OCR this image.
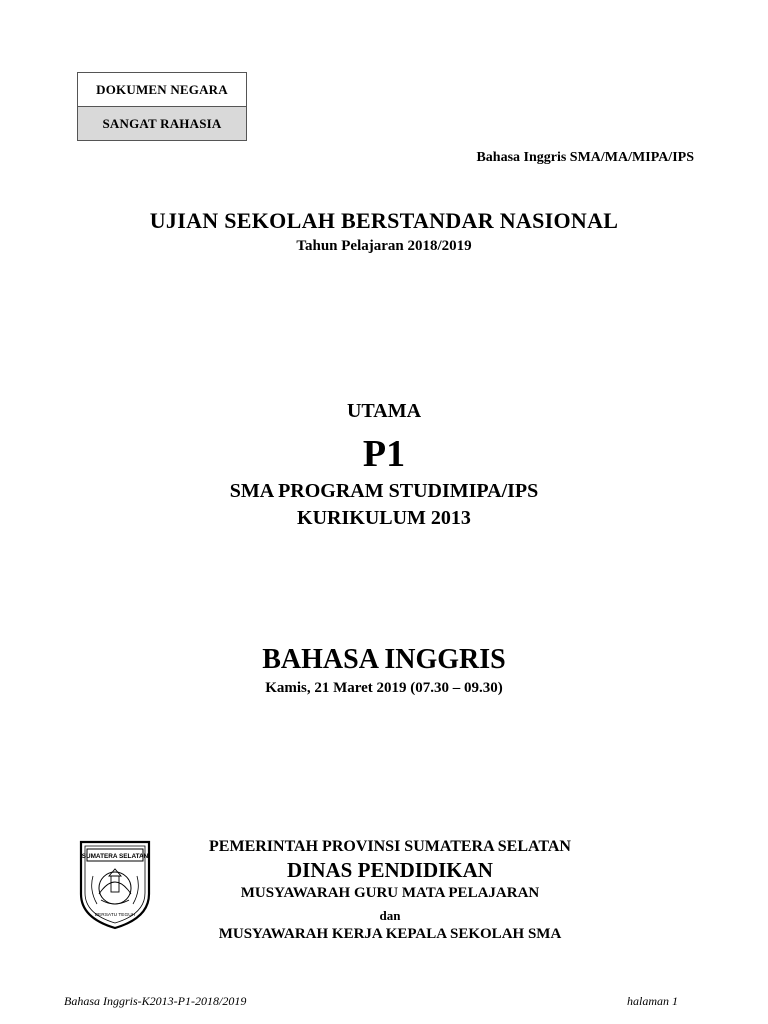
DOKUMEN NEGARA
SANGAT RAHASIA
Bahasa Inggris SMA/MA/MIPA/IPS
UJIAN SEKOLAH BERSTANDAR NASIONAL
Tahun Pelajaran 2018/2019
UTAMA
P1
SMA PROGRAM STUDIMIPA/IPS
KURIKULUM 2013
BAHASA INGGRIS
Kamis, 21 Maret 2019 (07.30 – 09.30)
SUMATERA SELATAN
BERSATU TEGUH
PEMERINTAH PROVINSI SUMATERA SELATAN
DINAS PENDIDIKAN
MUSYAWARAH GURU MATA PELAJARAN
dan
MUSYAWARAH KERJA KEPALA SEKOLAH SMA
Bahasa Inggris-K2013-P1-2018/2019	halaman 1
